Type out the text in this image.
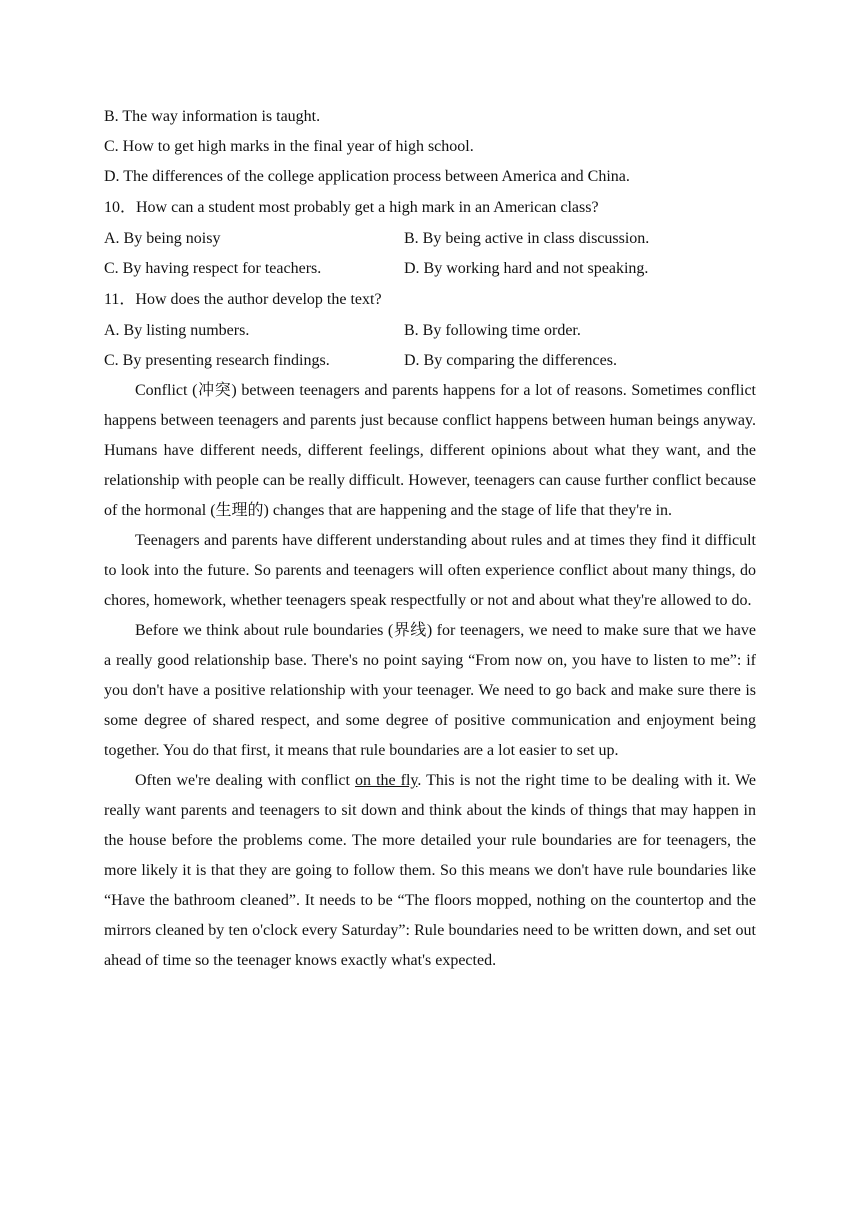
B. The way information is taught.
C. How to get high marks in the final year of high school.
D. The differences of the college application process between America and China.
10．How can a student most probably get a high mark in an American class?
A. By being noisy	B. By being active in class discussion.
C. By having respect for teachers.	D. By working hard and not speaking.
11．How does the author develop the text?
A. By listing numbers.	B. By following time order.
C. By presenting research findings.	D. By comparing the differences.

Conflict (冲突) between teenagers and parents happens for a lot of reasons. Sometimes conflict happens between teenagers and parents just because conflict happens between human beings anyway. Humans have different needs, different feelings, different opinions about what they want, and the relationship with people can be really difficult. However, teenagers can cause further conflict because of the hormonal (生理的) changes that are happening and the stage of life that they're in.

Teenagers and parents have different understanding about rules and at times they find it difficult to look into the future. So parents and teenagers will often experience conflict about many things, do chores, homework, whether teenagers speak respectfully or not and about what they're allowed to do.

Before we think about rule boundaries (界线) for teenagers, we need to make sure that we have a really good relationship base. There's no point saying “From now on, you have to listen to me”: if you don't have a positive relationship with your teenager. We need to go back and make sure there is some degree of shared respect, and some degree of positive communication and enjoyment being together. You do that first, it means that rule boundaries are a lot easier to set up.

Often we're dealing with conflict on the fly. This is not the right time to be dealing with it. We really want parents and teenagers to sit down and think about the kinds of things that may happen in the house before the problems come. The more detailed your rule boundaries are for teenagers, the more likely it is that they are going to follow them. So this means we don't have rule boundaries like “Have the bathroom cleaned”. It needs to be “The floors mopped, nothing on the countertop and the mirrors cleaned by ten o'clock every Saturday”: Rule boundaries need to be written down, and set out ahead of time so the teenager knows exactly what's expected.
